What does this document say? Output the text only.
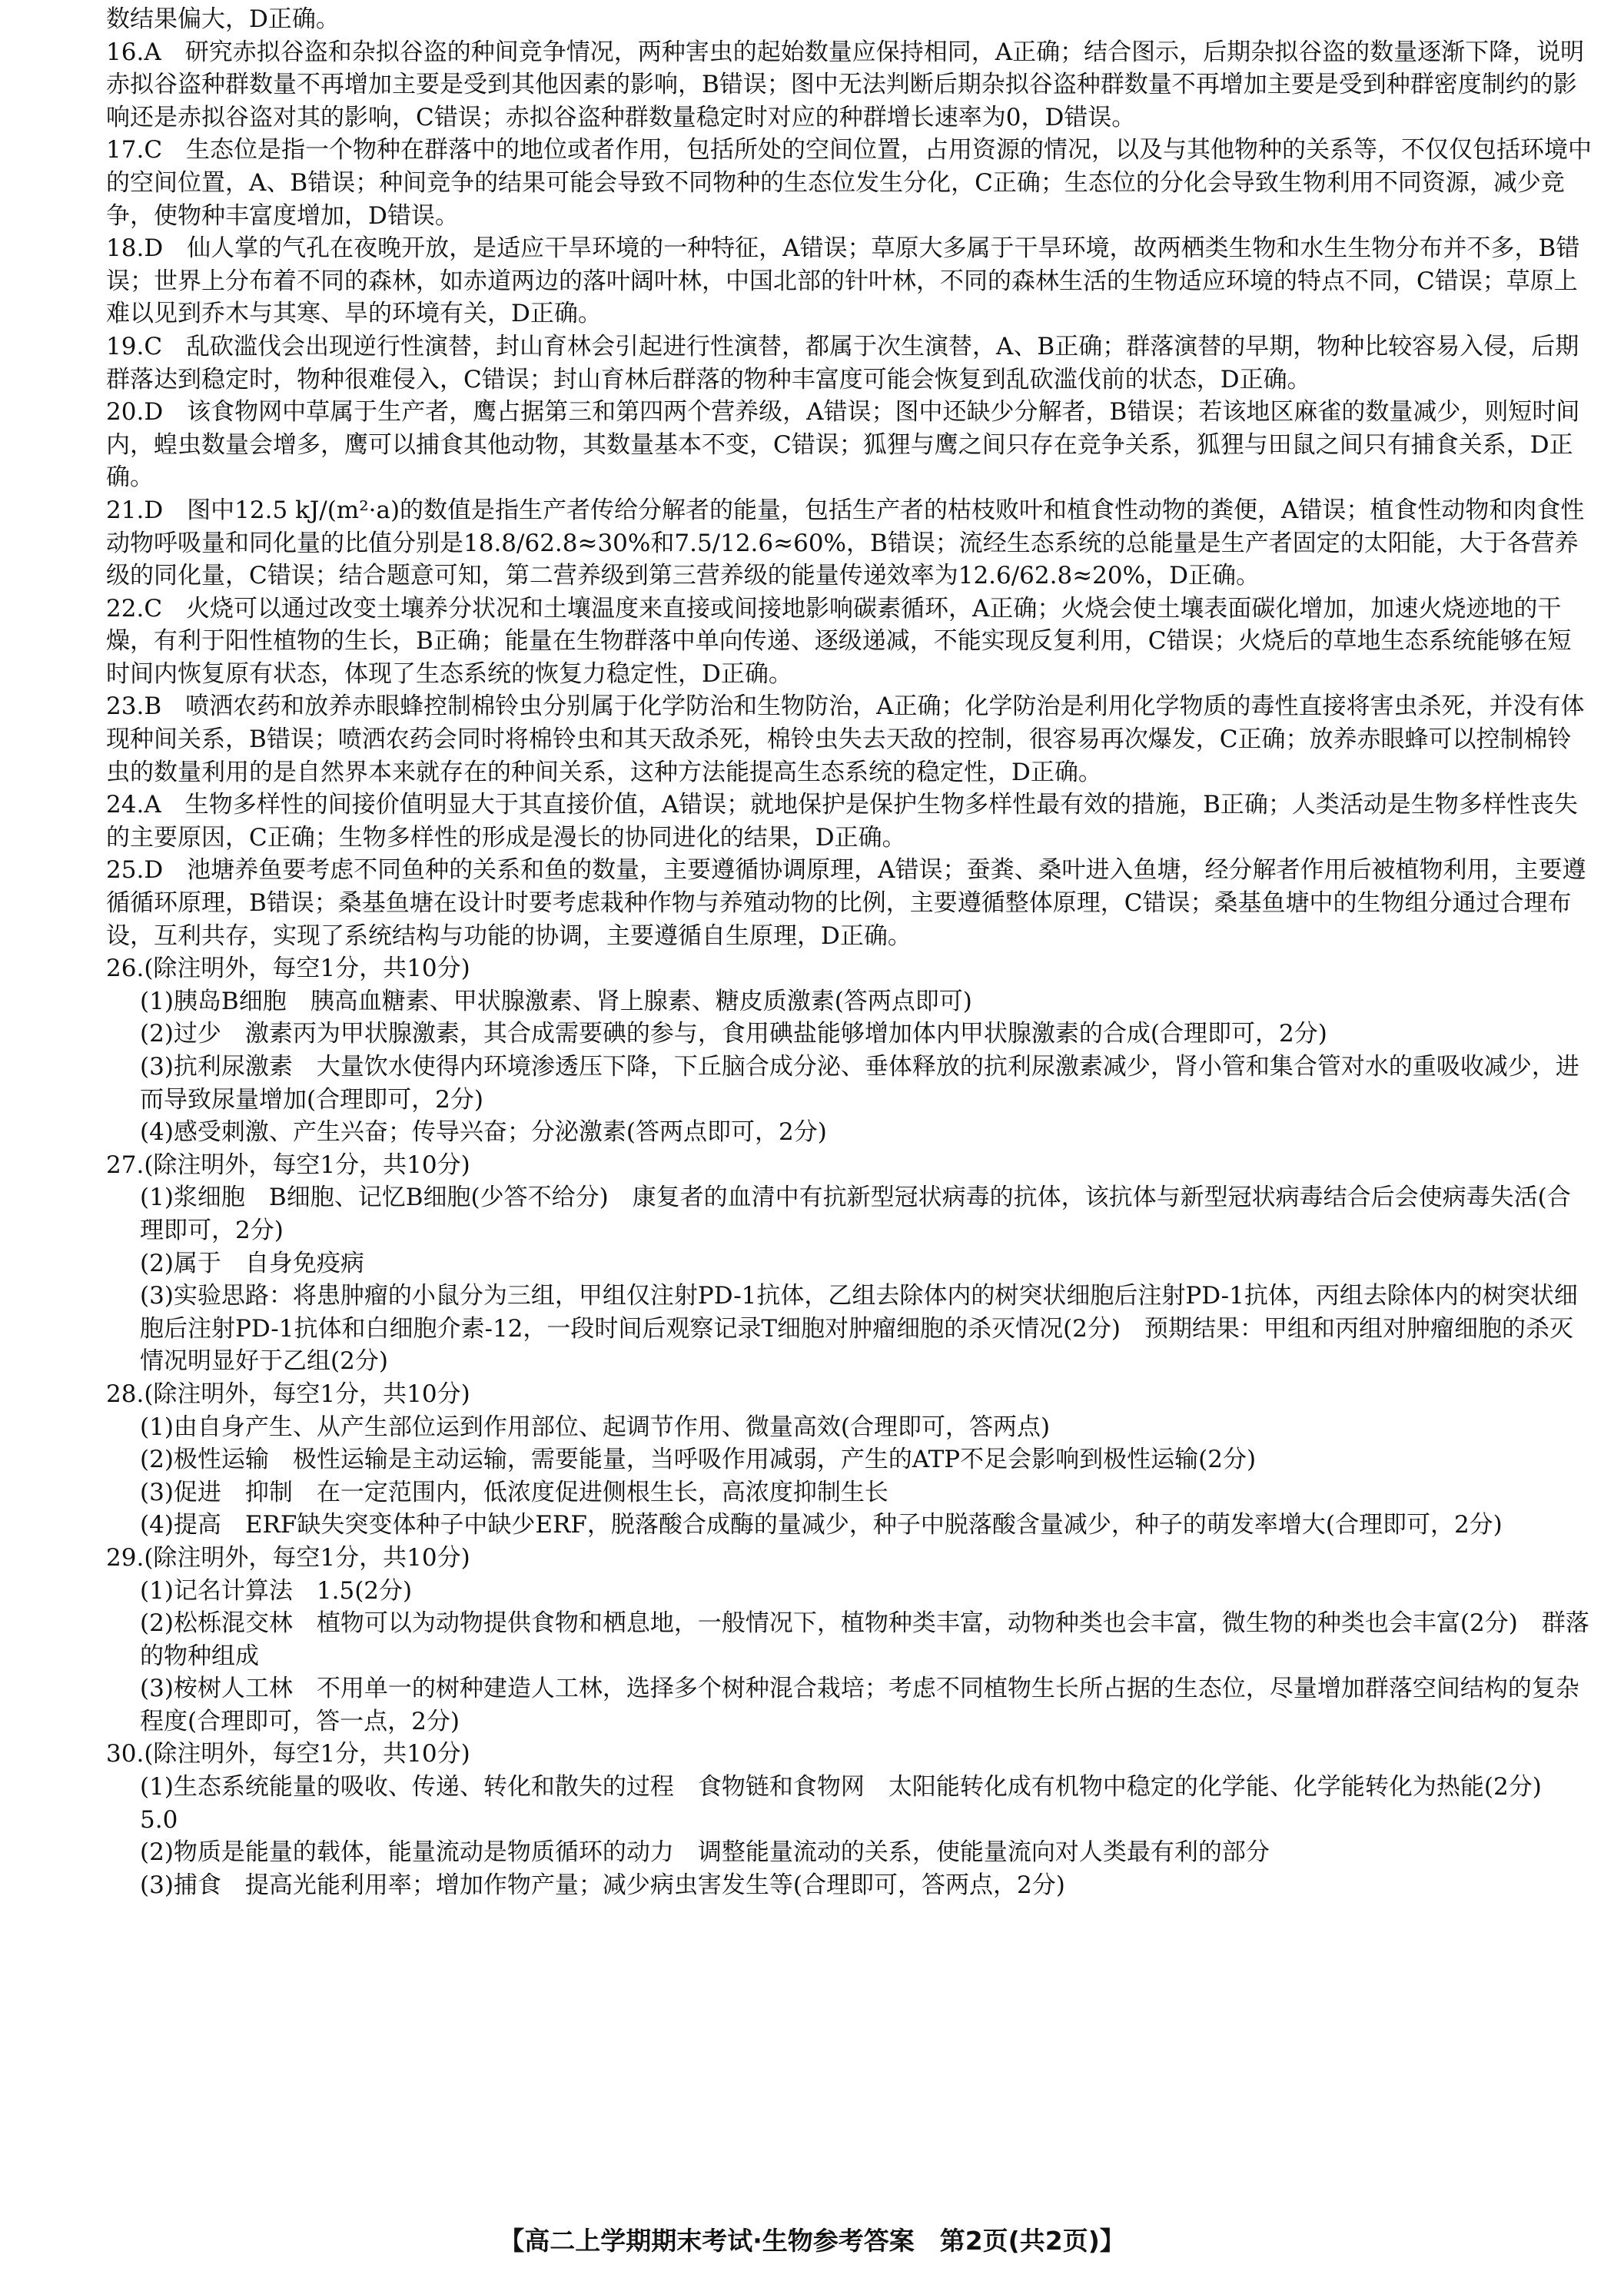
数结果偏大，D正确。
16.A　 研究赤拟谷盗和杂拟谷盗的种间竞争情况，两种害虫的起始数量应保持相同，A正确；结合图示，后期杂拟谷盗的数量逐渐下降，说明赤拟谷盗种群数量不再增加主要是受到其他因素的影响，B错误；图中无法判断后期杂拟谷盗种群数量不再增加主要是受到种群密度制约的影响还是赤拟谷盗对其的影响，C错误；赤拟谷盗种群数量稳定时对应的种群增长速率为0，D错误。
17.C　 生态位是指一个物种在群落中的地位或者作用，包括所处的空间位置，占用资源的情况，以及与其他物种的关系等，不仅仅包括环境中的空间位置，A、B错误；种间竞争的结果可能会导致不同物种的生态位发生分化，C正确；生态位的分化会导致生物利用不同资源，减少竞争，使物种丰富度增加，D错误。
18.D　 仙人掌的气孔在夜晚开放，是适应干旱环境的一种特征，A错误；草原大多属于干旱环境，故两栖类生物和水生生物分布并不多，B错误；世界上分布着不同的森林，如赤道两边的落叶阔叶林，中国北部的针叶林，不同的森林生活的生物适应环境的特点不同，C错误；草原上难以见到乔木与其寒、旱的环境有关，D正确。
19.C　 乱砍滥伐会出现逆行性演替，封山育林会引起进行性演替，都属于次生演替，A、B正确；群落演替的早期，物种比较容易入侵，后期群落达到稳定时，物种很难侵入，C错误；封山育林后群落的物种丰富度可能会恢复到乱砍滥伐前的状态，D正确。
20.D　 该食物网中草属于生产者，鹰占据第三和第四两个营养级，A错误；图中还缺少分解者，B错误；若该地区麻雀的数量减少，则短时间内，蝗虫数量会增多，鹰可以捕食其他动物，其数量基本不变，C错误；狐狸与鹰之间只存在竞争关系，狐狸与田鼠之间只有捕食关系，D正确。
21.D　 图中12.5 kJ/(m²·a)的数值是指生产者传给分解者的能量，包括生产者的枯枝败叶和植食性动物的粪便，A错误；植食性动物和肉食性动物呼吸量和同化量的比值分别是18.8/62.8≈30%和7.5/12.6≈60%，B错误；流经生态系统的总能量是生产者固定的太阳能，大于各营养级的同化量，C错误；结合题意可知，第二营养级到第三营养级的能量传递效率为12.6/62.8≈20%，D正确。
22.C　 火烧可以通过改变土壤养分状况和土壤温度来直接或间接地影响碳素循环，A正确；火烧会使土壤表面碳化增加，加速火烧迹地的干燥，有利于阳性植物的生长，B正确；能量在生物群落中单向传递、逐级递减，不能实现反复利用，C错误；火烧后的草地生态系统能够在短时间内恢复原有状态，体现了生态系统的恢复力稳定性，D正确。
23.B　 喷洒农药和放养赤眼蜂控制棉铃虫分别属于化学防治和生物防治，A正确；化学防治是利用化学物质的毒性直接将害虫杀死，并没有体现种间关系，B错误；喷洒农药会同时将棉铃虫和其天敌杀死，棉铃虫失去天敌的控制，很容易再次爆发，C正确；放养赤眼蜂可以控制棉铃虫的数量利用的是自然界本来就存在的种间关系，这种方法能提高生态系统的稳定性，D正确。
24.A　 生物多样性的间接价值明显大于其直接价值，A错误；就地保护是保护生物多样性最有效的措施，B正确；人类活动是生物多样性丧失的主要原因，C正确；生物多样性的形成是漫长的协同进化的结果，D正确。
25.D　 池塘养鱼要考虑不同鱼种的关系和鱼的数量，主要遵循协调原理，A错误；蚕粪、桑叶进入鱼塘，经分解者作用后被植物利用，主要遵循循环原理，B错误；桑基鱼塘在设计时要考虑栽种作物与养殖动物的比例，主要遵循整体原理，C错误；桑基鱼塘中的生物组分通过合理布设，互利共存，实现了系统结构与功能的协调，主要遵循自生原理，D正确。
26.(除注明外，每空1分，共10分)
(1)胰岛B细胞　胰高血糖素、甲状腺激素、肾上腺素、糖皮质激素(答两点即可)
(2)过少　激素丙为甲状腺激素，其合成需要碘的参与，食用碘盐能够增加体内甲状腺激素的合成(合理即可，2分)
(3)抗利尿激素　大量饮水使得内环境渗透压下降，下丘脑合成分泌、垂体释放的抗利尿激素减少，肾小管和集合管对水的重吸收减少，进而导致尿量增加(合理即可，2分)
(4)感受刺激、产生兴奋；传导兴奋；分泌激素(答两点即可，2分)
27.(除注明外，每空1分，共10分)
(1)浆细胞　B细胞、记忆B细胞(少答不给分)　康复者的血清中有抗新型冠状病毒的抗体，该抗体与新型冠状病毒结合后会使病毒失活(合理即可，2分)
(2)属于　自身免疫病
(3)实验思路：将患肿瘤的小鼠分为三组，甲组仅注射PD-1抗体，乙组去除体内的树突状细胞后注射PD-1抗体，丙组去除体内的树突状细胞后注射PD-1抗体和白细胞介素-12，一段时间后观察记录T细胞对肿瘤细胞的杀灭情况(2分)　预期结果：甲组和丙组对肿瘤细胞的杀灭情况明显好于乙组(2分)
28.(除注明外，每空1分，共10分)
(1)由自身产生、从产生部位运到作用部位、起调节作用、微量高效(合理即可，答两点)
(2)极性运输　极性运输是主动运输，需要能量，当呼吸作用减弱，产生的ATP不足会影响到极性运输(2分)
(3)促进　抑制　在一定范围内，低浓度促进侧根生长，高浓度抑制生长
(4)提高　ERF缺失突变体种子中缺少ERF，脱落酸合成酶的量减少，种子中脱落酸含量减少，种子的萌发率增大(合理即可，2分)
29.(除注明外，每空1分，共10分)
(1)记名计算法　1.5(2分)
(2)松栎混交林　植物可以为动物提供食物和栖息地，一般情况下，植物种类丰富，动物种类也会丰富，微生物的种类也会丰富(2分)　群落的物种组成
(3)桉树人工林　不用单一的树种建造人工林，选择多个树种混合栽培；考虑不同植物生长所占据的生态位，尽量增加群落空间结构的复杂程度(合理即可，答一点，2分)
30.(除注明外，每空1分，共10分)
(1)生态系统能量的吸收、传递、转化和散失的过程　食物链和食物网　太阳能转化成有机物中稳定的化学能、化学能转化为热能(2分)　5.0
(2)物质是能量的载体，能量流动是物质循环的动力　调整能量流动的关系，使能量流向对人类最有利的部分
(3)捕食　提高光能利用率；增加作物产量；减少病虫害发生等(合理即可，答两点，2分)
【高二上学期期末考试·生物参考答案　第2页(共2页)】
